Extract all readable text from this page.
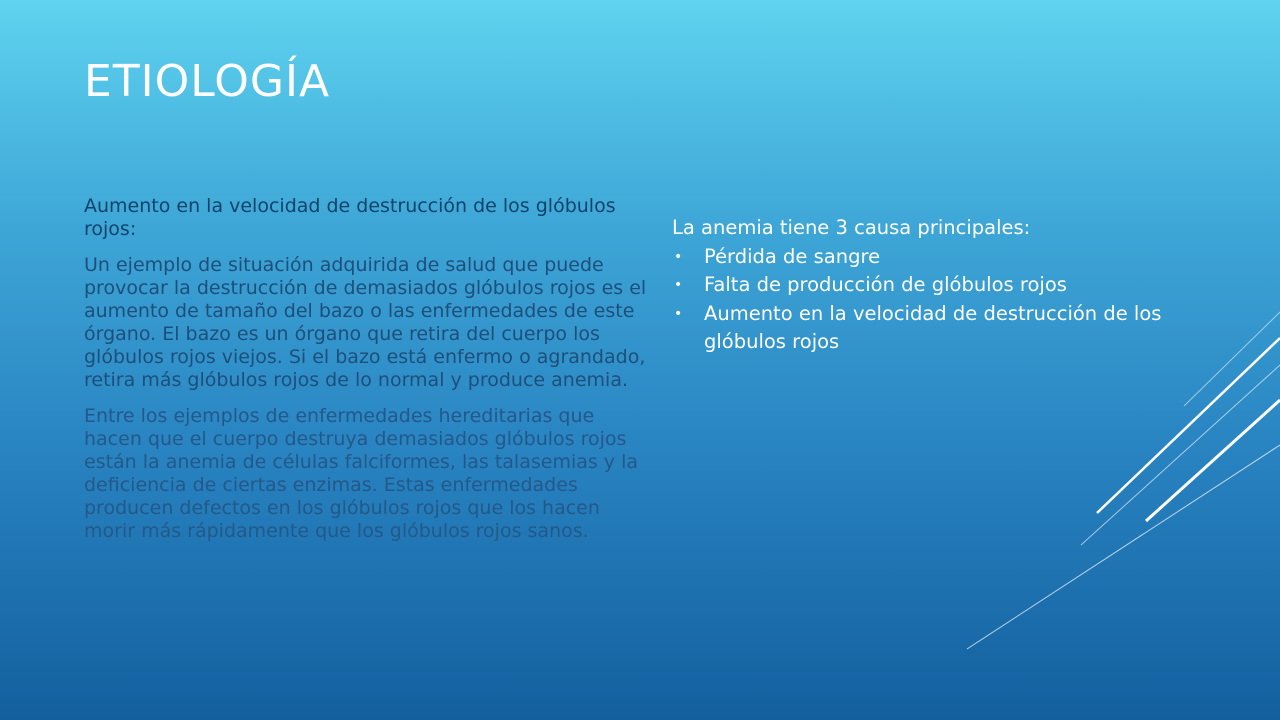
ETIOLOGÍA

Aumento en la velocidad de destrucción de los glóbulos rojos:

Un ejemplo de situación adquirida de salud que puede provocar la destrucción de demasiados glóbulos rojos es el aumento de tamaño del bazo o las enfermedades de este órgano. El bazo es un órgano que retira del cuerpo los glóbulos rojos viejos. Si el bazo está enfermo o agrandado, retira más glóbulos rojos de lo normal y produce anemia.

Entre los ejemplos de enfermedades hereditarias que hacen que el cuerpo destruya demasiados glóbulos rojos están la anemia de células falciformes, las talasemias y la deficiencia de ciertas enzimas. Estas enfermedades producen defectos en los glóbulos rojos que los hacen morir más rápidamente que los glóbulos rojos sanos.

La anemia tiene 3 causa principales:

• Pérdida de sangre
• Falta de producción de glóbulos rojos
• Aumento en la velocidad de destrucción de los glóbulos rojos
